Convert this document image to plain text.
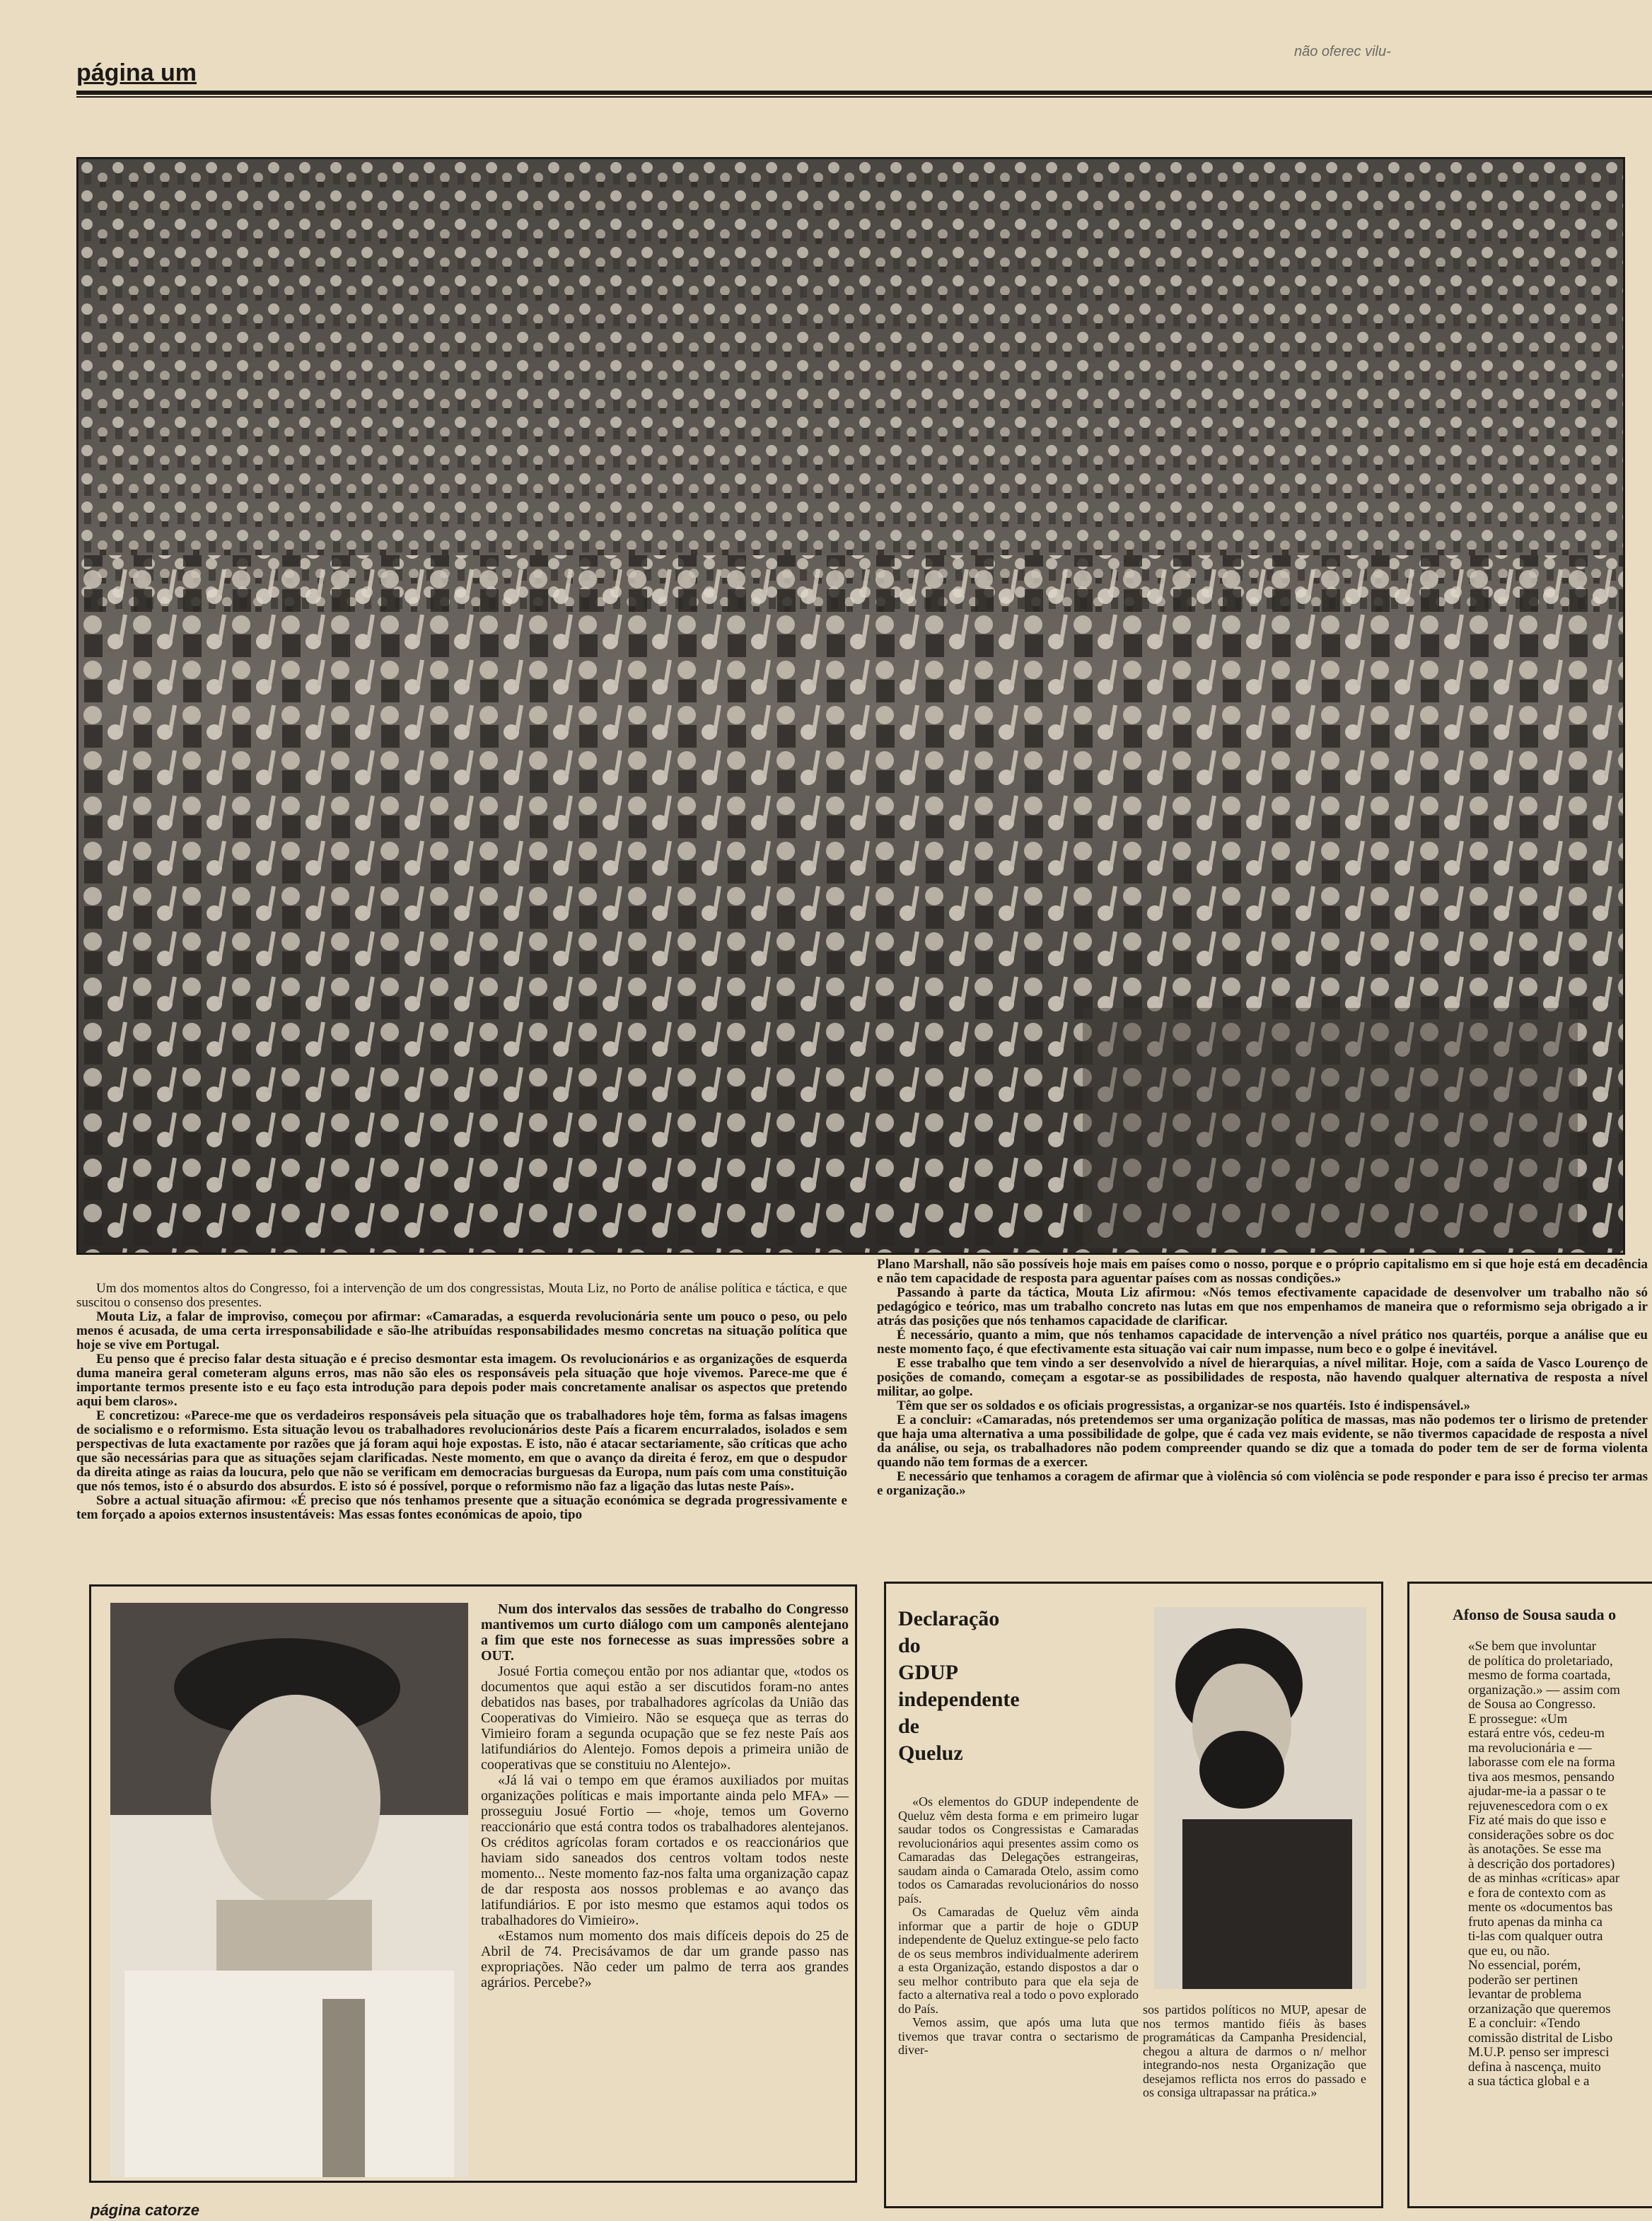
página um
não oferec vilu-

Um dos momentos altos do Congresso, foi a intervenção de um dos congressistas, Mouta Liz, no Porto de análise política e táctica, e que suscitou o consenso dos presentes.

Mouta Liz, a falar de improviso, começou por afirmar: «Camaradas, a esquerda revolucionária sente um pouco o peso, ou pelo menos é acusada, de uma certa irresponsabilidade e são-lhe atribuídas responsabilidades mesmo concretas na situação política que hoje se vive em Portugal.

Eu penso que é preciso falar desta situação e é preciso desmontar esta imagem. Os revolucionários e as organizações de esquerda duma maneira geral cometeram alguns erros, mas não são eles os responsáveis pela situação que hoje vivemos. Parece-me que é importante termos presente isto e eu faço esta introdução para depois poder mais concretamente analisar os aspectos que pretendo aqui bem claros».

E concretizou: «Parece-me que os verdadeiros responsáveis pela situação que os trabalhadores hoje têm, forma as falsas imagens de socialismo e o reformismo. Esta situação levou os trabalhadores revolucionários deste País a ficarem encurralados, isolados e sem perspectivas de luta exactamente por razões que já foram aqui hoje expostas. E isto, não é atacar sectariamente, são críticas que acho que são necessárias para que as situações sejam clarificadas. Neste momento, em que o avanço da direita é feroz, em que o despudor da direita atinge as raias da loucura, pelo que não se verificam em democracias burguesas da Europa, num país com uma constituição que nós temos, isto é o absurdo dos absurdos. E isto só é possível, porque o reformismo não faz a ligação das lutas neste País».

Sobre a actual situação afirmou: «É preciso que nós tenhamos presente que a situação económica se degrada progressivamente e tem forçado a apoios externos insustentáveis: Mas essas fontes económicas de apoio, tipo

Plano Marshall, não são possíveis hoje mais em países como o nosso, porque e o próprio capitalismo em si que hoje está em decadência e não tem capacidade de resposta para aguentar países com as nossas condições.»

Passando à parte da táctica, Mouta Liz afirmou: «Nós temos efectivamente capacidade de desenvolver um trabalho não só pedagógico e teórico, mas um trabalho concreto nas lutas em que nos empenhamos de maneira que o reformismo seja obrigado a ir atrás das posições que nós tenhamos capacidade de clarificar.

É necessário, quanto a mim, que nós tenhamos capacidade de intervenção a nível prático nos quartéis, porque a análise que eu neste momento faço, é que efectivamente esta situação vai cair num impasse, num beco e o golpe é inevitável.

E esse trabalho que tem vindo a ser desenvolvido a nível de hierarquias, a nível militar. Hoje, com a saída de Vasco Lourenço de posições de comando, começam a esgotar-se as possibilidades de resposta, não havendo qualquer alternativa de resposta a nível militar, ao golpe.

Têm que ser os soldados e os oficiais progressistas, a organizar-se nos quartéis. Isto é indispensável.»

E a concluir: «Camaradas, nós pretendemos ser uma organização política de massas, mas não podemos ter o lirismo de pretender que haja uma alternativa a uma possibilidade de golpe, que é cada vez mais evidente, se não tivermos capacidade de resposta a nível da análise, ou seja, os trabalhadores não podem compreender quando se diz que a tomada do poder tem de ser de forma violenta quando não tem formas de a exercer.

E necessário que tenhamos a coragem de afirmar que à violência só com violência se pode responder e para isso é preciso ter armas e organização.»

Num dos intervalos das sessões de trabalho do Congresso mantivemos um curto diálogo com um camponês alentejano a fim que este nos fornecesse as suas impressões sobre a OUT.

Josué Fortia começou então por nos adiantar que, «todos os documentos que aqui estão a ser discutidos foram-no antes debatidos nas bases, por trabalhadores agrícolas da União das Cooperativas do Vimieiro. Não se esqueça que as terras do Vimieiro foram a segunda ocupação que se fez neste País aos latifundiários do Alentejo. Fomos depois a primeira união de cooperativas que se constituiu no Alentejo».

«Já lá vai o tempo em que éramos auxiliados por muitas organizações políticas e mais importante ainda pelo MFA» — prosseguiu Josué Fortio — «hoje, temos um Governo reaccionário que está contra todos os trabalhadores alentejanos. Os créditos agrícolas foram cortados e os reaccionários que haviam sido saneados dos centros voltam todos neste momento... Neste momento faz-nos falta uma organização capaz de dar resposta aos nossos problemas e ao avanço das latifundiários. E por isto mesmo que estamos aqui todos os trabalhadores do Vimieiro».

«Estamos num momento dos mais difíceis depois do 25 de Abril de 74. Precisávamos de dar um grande passo nas expropriações. Não ceder um palmo de terra aos grandes agrários. Percebe?»

Declaração
do
GDUP
independente
de
Queluz

«Os elementos do GDUP independente de Queluz vêm desta forma e em primeiro lugar saudar todos os Congressistas e Camaradas revolucionários aqui presentes assim como os Camaradas das Delegações estrangeiras, saudam ainda o Camarada Otelo, assim como todos os Camaradas revolucionários do nosso país.

Os Camaradas de Queluz vêm ainda informar que a partir de hoje o GDUP independente de Queluz extingue-se pelo facto de os seus membros individualmente aderirem a esta Organização, estando dispostos a dar o seu melhor contributo para que ela seja de facto a alternativa real a todo o povo explorado do País.

Vemos assim, que após uma luta que tivemos que travar contra o sectarismo de diver-

sos partidos políticos no MUP, apesar de nos termos mantido fiéis às bases programáticas da Campanha Presidencial, chegou a altura de darmos o n/ melhor integrando-nos nesta Organização que desejamos reflicta nos erros do passado e os consiga ultrapassar na prática.»

Afonso de Sousa sauda o

«Se bem que involuntar

de política do proletariado,

mesmo de forma coartada,

organização.» — assim com

de Sousa ao Congresso.

E prossegue: «Um

estará entre vós, cedeu-m

ma revolucionária e —

laborasse com ele na forma

tiva aos mesmos, pensando

ajudar-me-ia a passar o te

rejuvenescedora com o ex

Fiz até mais do que isso e

considerações sobre os doc

às anotações. Se esse ma

à descrição dos portadores)

de as minhas «críticas» apar

e fora de contexto com as

mente os «documentos bas

fruto apenas da minha ca

ti-las com qualquer outra

que eu, ou não.

No essencial, porém,

poderão ser pertinen

levantar de problema

orzanização que queremos

E a concluir: «Tendo

comissão distrital de Lisbo

M.U.P. penso ser impresci

defina à nascença, muito

a sua táctica global e a

página catorze
